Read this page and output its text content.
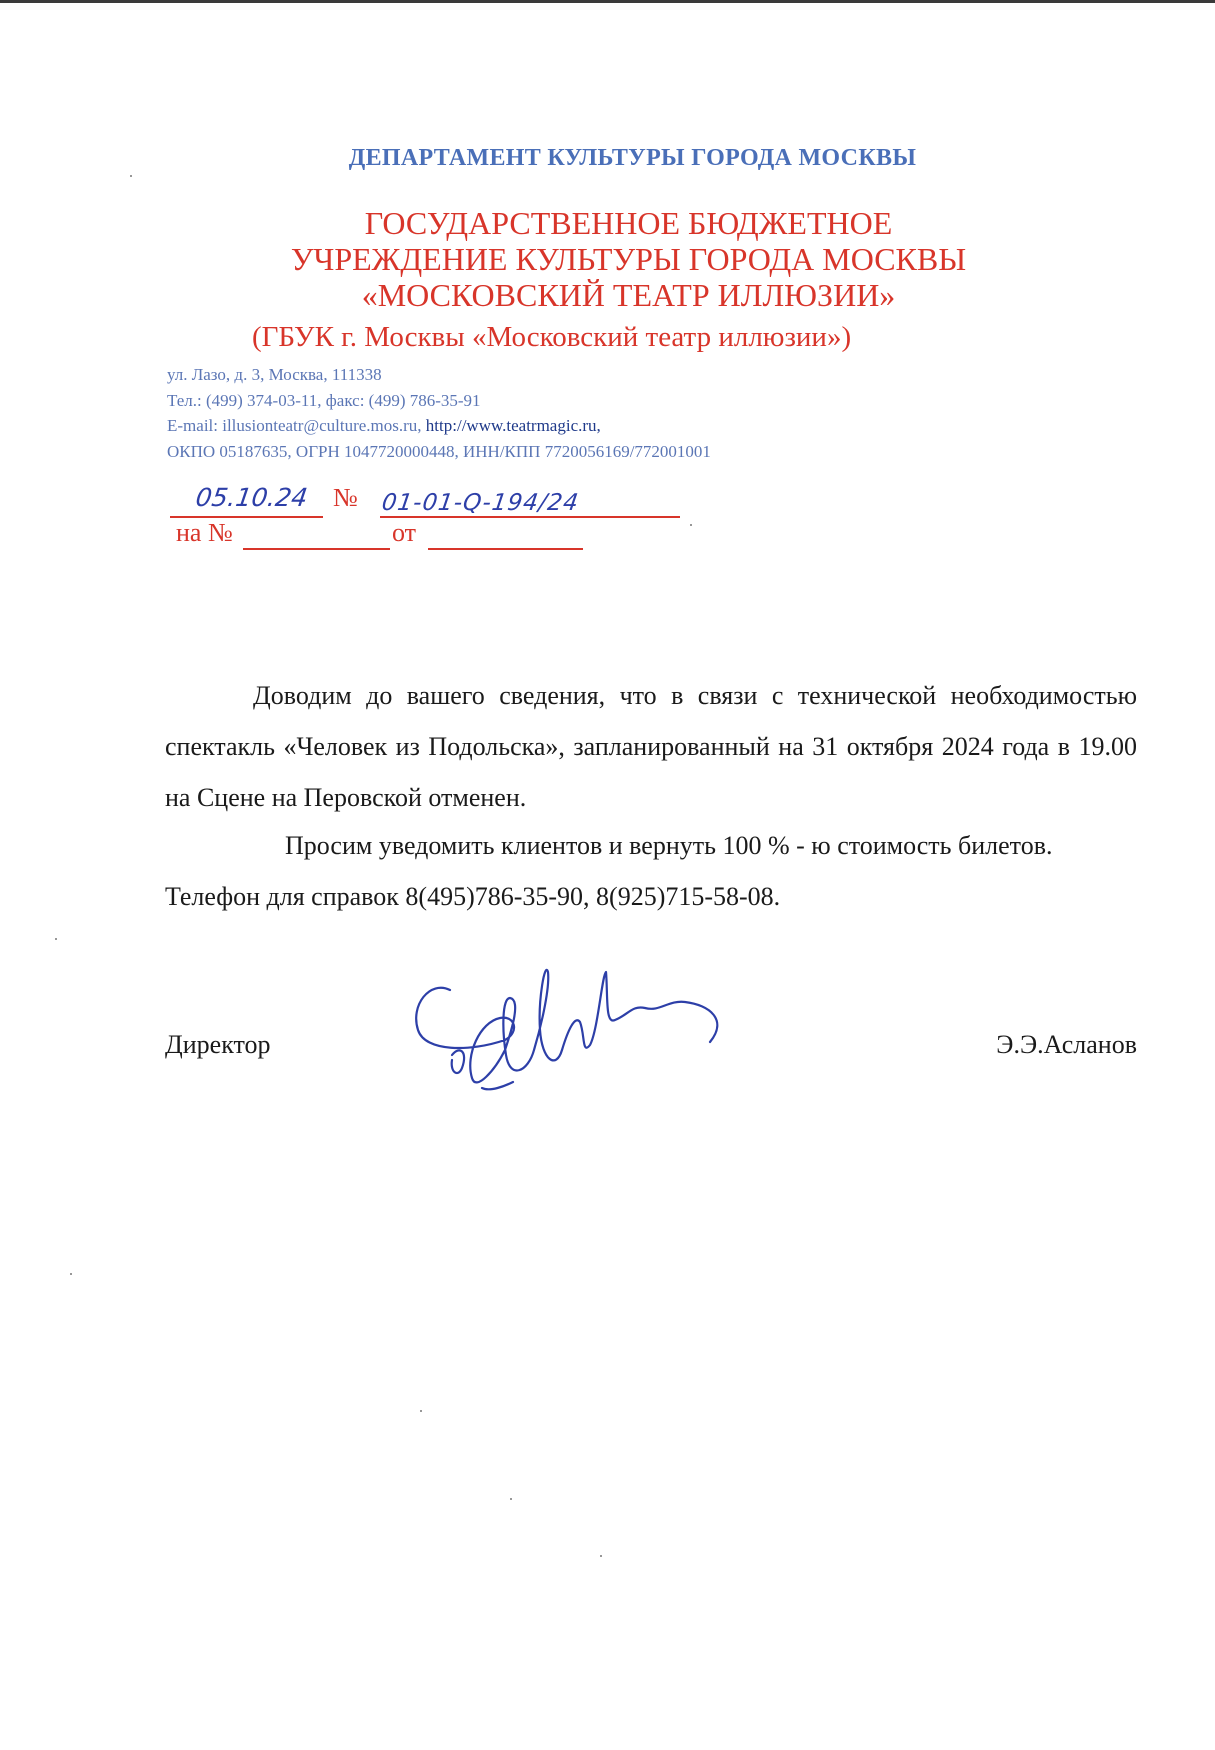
ДЕПАРТАМЕНТ КУЛЬТУРЫ ГОРОДА МОСКВЫ
ГОСУДАРСТВЕННОЕ БЮДЖЕТНОЕ
УЧРЕЖДЕНИЕ КУЛЬТУРЫ ГОРОДА МОСКВЫ
«МОСКОВСКИЙ ТЕАТР ИЛЛЮЗИИ»
(ГБУК г. Москвы «Московский театр иллюзии»)
ул. Лазо, д. 3, Москва, 111338
Тел.: (499) 374-03-11, факс: (499) 786-35-91
E-mail: illusionteatr@culture.mos.ru, http://www.teatrmagic.ru,
ОКПО 05187635, ОГРН 1047720000448, ИНН/КПП 7720056169/772001001
№
на №	от
05.10.24	01-01-Q-194/24
Доводим до вашего сведения, что в связи с технической необходимостью спектакль «Человек из Подольска», запланированный на 31 октября 2024 года в 19.00 на Сцене на Перовской отменен.
Просим уведомить клиентов и вернуть 100 % - ю стоимость билетов. Телефон для справок 8(495)786-35-90, 8(925)715-58-08.
Директор	Э.Э.Асланов
